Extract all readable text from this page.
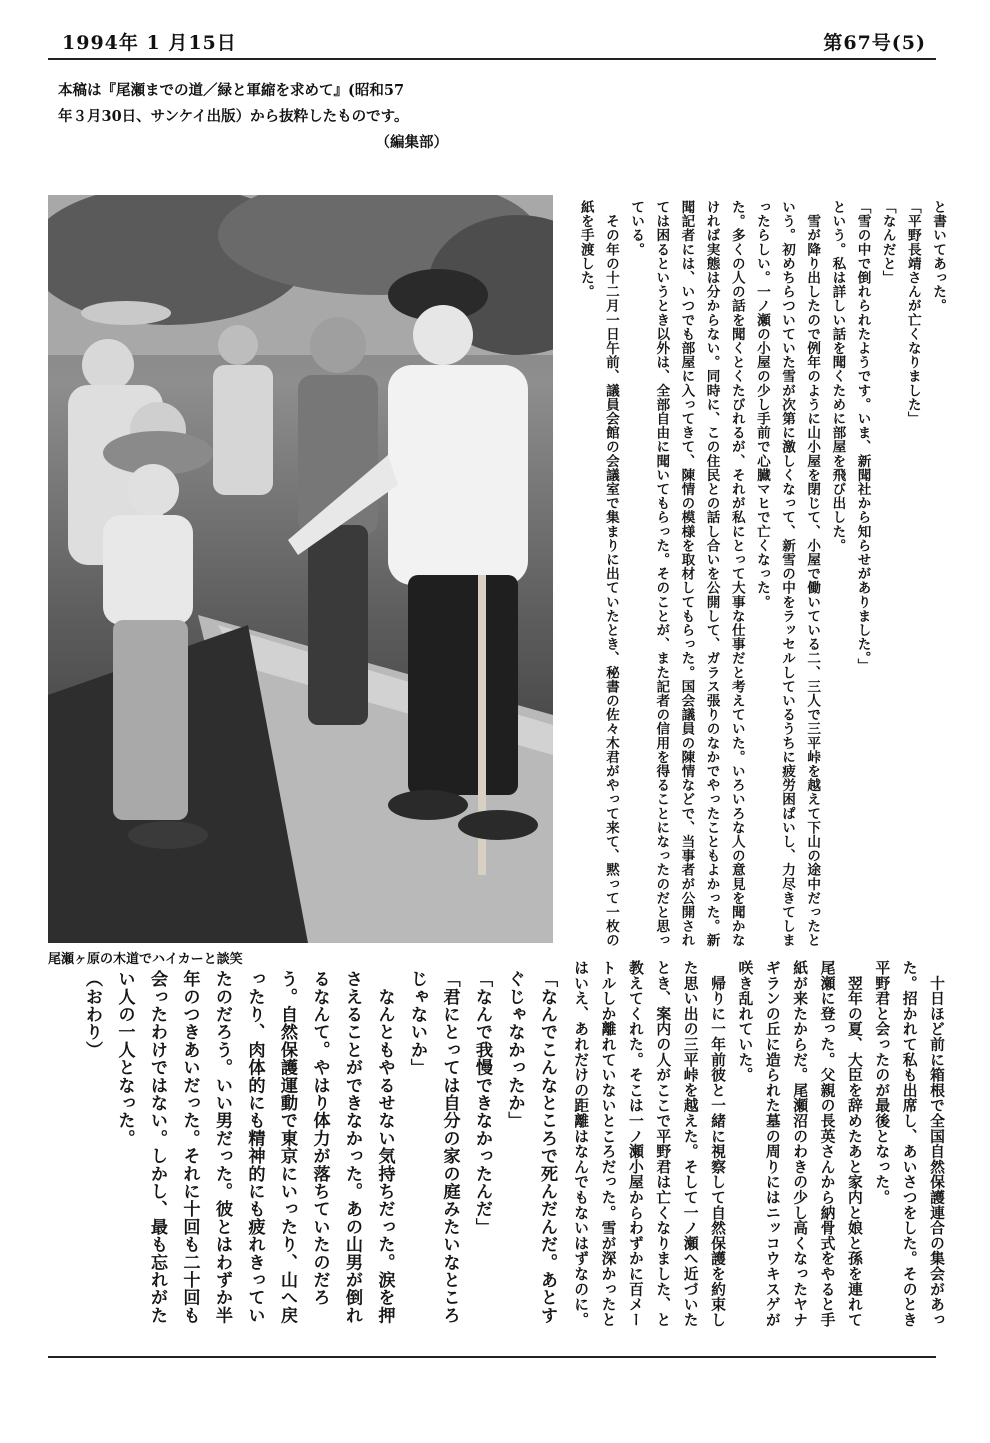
1994年 1 月15日	第67号(5)
本稿は『尾瀬までの道／緑と軍縮を求めて』(昭和57
年３月30日、サンケイ出版）から抜粋したものです。
（編集部）
尾瀬ヶ原の木道でハイカーと談笑

と書いてあった。

「平野長靖さんが亡くなりました」

「なんだと」

「雪の中で倒れられたようです。いま、新聞社から知らせがありました。」

という。私は詳しい話を聞くために部屋を飛び出した。

　雪が降り出したので例年のように山小屋を閉じて、小屋で働いている二、三人で三平峠を越えて下山の途中だったという。初めちらついていた雪が次第に激しくなって、新雪の中をラッセルしているうちに疲労困ぱいし、力尽きてしまったらしい。一ノ瀬の小屋の少し手前で心臓マヒで亡くなった。

た。多くの人の話を聞くとくたびれるが、それが私にとって大事な仕事だと考えていた。いろいろな人の意見を聞かなければ実態は分からない。同時に、この住民との話し合いを公開して、ガラス張りのなかでやったこともよかった。新聞記者には、いつでも部屋に入ってきて、陳情の模様を取材してもらった。国会議員の陳情などで、当事者が公開されては困るというとき以外は、全部自由に聞いてもらった。そのことが、また記者の信用を得ることになったのだと思っている。

　その年の十二月一日午前、議員会館の会議室で集まりに出ていたとき、秘書の佐々木君がやって来て、黙って一枚の紙を手渡した。

　十日ほど前に箱根で全国自然保護連合の集会があった。招かれて私も出席し、あいさつをした。そのとき平野君と会ったのが最後となった。

　翌年の夏、大臣を辞めたあと家内と娘と孫を連れて尾瀬に登った。父親の長英さんから納骨式をやると手紙が来たからだ。尾瀬沼のわきの少し高くなったヤナギランの丘に造られた墓の周りにはニッコウキスゲが咲き乱れていた。

　帰りに一年前彼と一緒に視察して自然保護を約束した思い出の三平峠を越えた。そして一ノ瀬へ近づいたとき、案内の人がここで平野君は亡くなりました、と教えてくれた。そこは一ノ瀬小屋からわずかに百メートルしか離れていないところだった。雪が深かったとはいえ、あれだけの距離はなんでもないはずなのに。

「なんでこんなところで死んだんだ。あとすぐじゃなかったか」

「なんで我慢できなかったんだ」

「君にとっては自分の家の庭みたいなところじゃないか」

　なんともやるせない気持ちだった。涙を押さえることができなかった。あの山男が倒れるなんて。やはり体力が落ちていたのだろう。自然保護運動で東京にいったり、山へ戻ったり、肉体的にも精神的にも疲れきっていたのだろう。いい男だった。彼とはわずか半年のつきあいだった。それに十回も二十回も会ったわけではない。しかし、最も忘れがたい人の一人となった。

（おわり）
